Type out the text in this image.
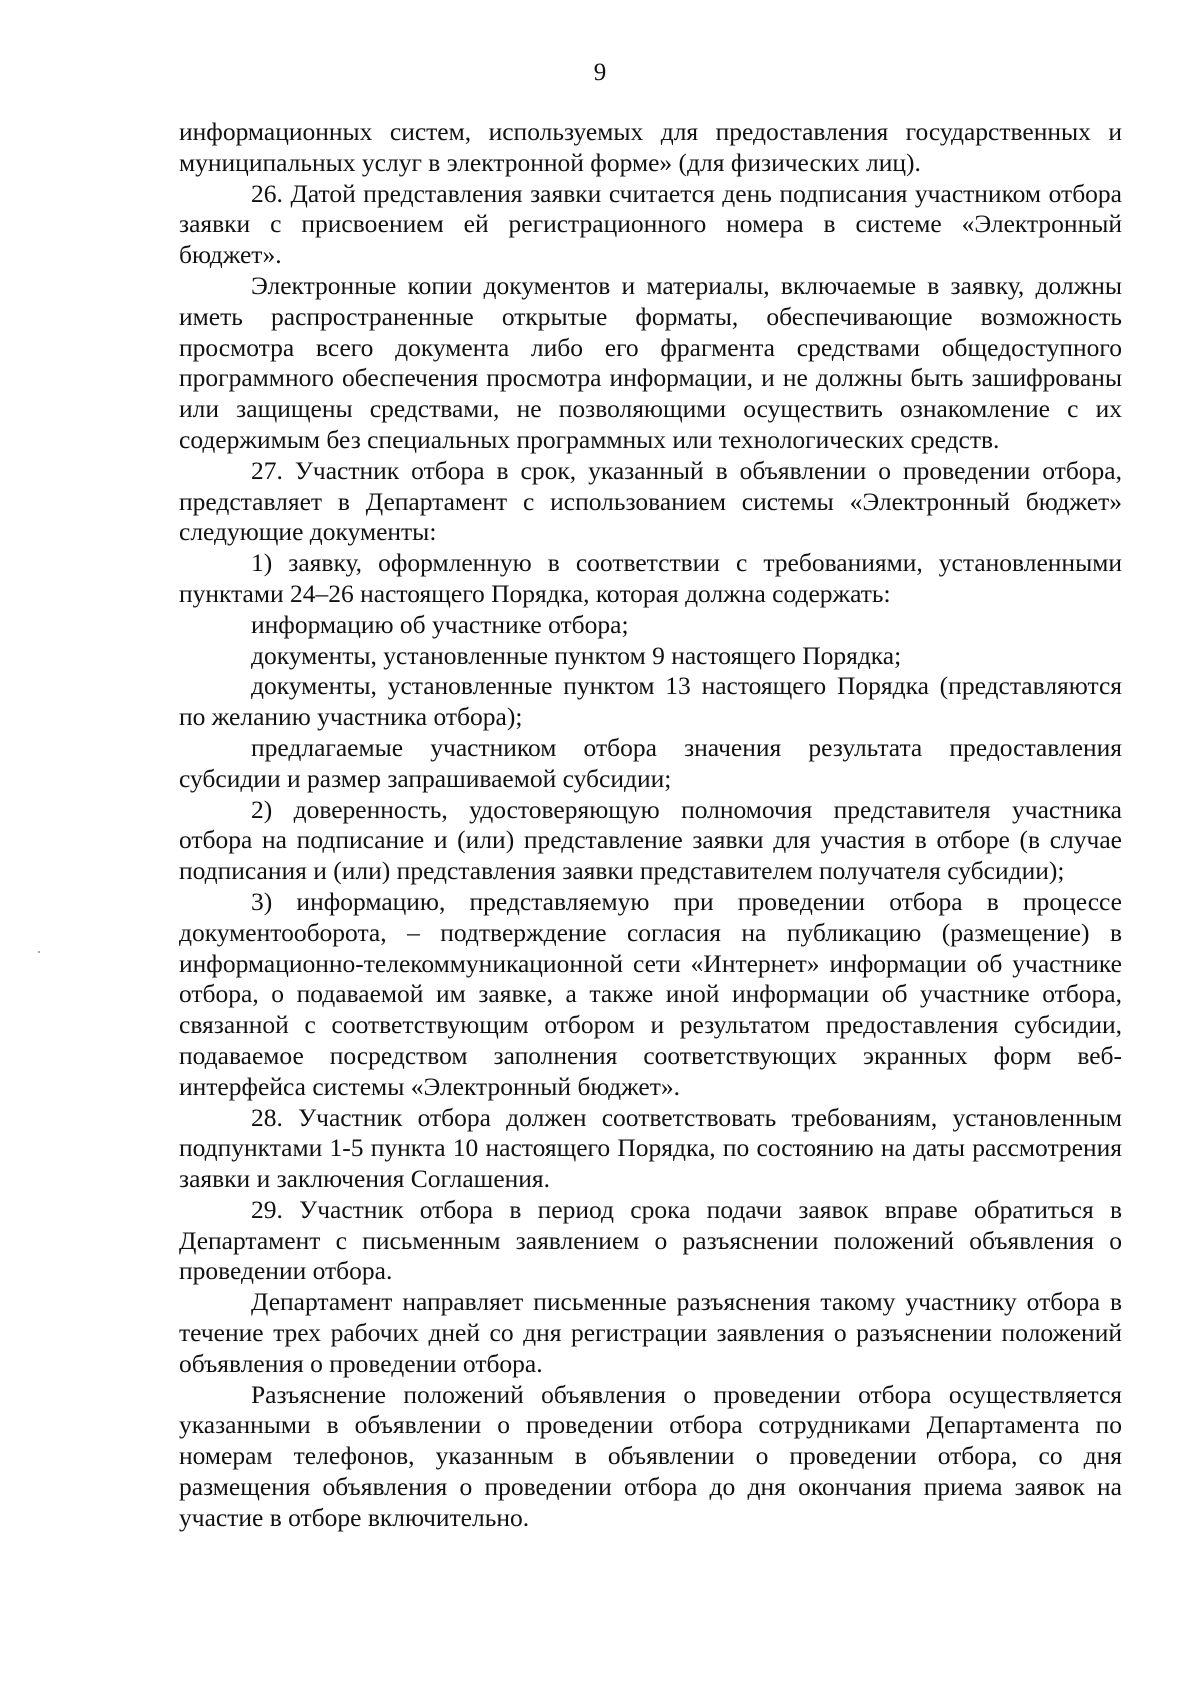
9

информационных систем, используемых для предоставления государственных и муниципальных услуг в электронной форме» (для физических лиц).

26. Датой представления заявки считается день подписания участником отбора заявки с присвоением ей регистрационного номера в системе «Электронный бюджет».

Электронные копии документов и материалы, включаемые в заявку, должны иметь распространенные открытые форматы, обеспечивающие возможность просмотра всего документа либо его фрагмента средствами общедоступного программного обеспечения просмотра информации, и не должны быть зашифрованы или защищены средствами, не позволяющими осуществить ознакомление с их содержимым без специальных программных или технологических средств.

27. Участник отбора в срок, указанный в объявлении о проведении отбора, представляет в Департамент с использованием системы «Электронный бюджет» следующие документы:

1) заявку, оформленную в соответствии с требованиями, установленными пунктами 24–26 настоящего Порядка, которая должна содержать:

информацию об участнике отбора;

документы, установленные пунктом 9 настоящего Порядка;

документы, установленные пунктом 13 настоящего Порядка (представляются по желанию участника отбора);

предлагаемые участником отбора значения результата предоставления субсидии и размер запрашиваемой субсидии;

2) доверенность, удостоверяющую полномочия представителя участника отбора на подписание и (или) представление заявки для участия в отборе (в случае подписания и (или) представления заявки представителем получателя субсидии);

3) информацию, представляемую при проведении отбора в процессе документооборота, – подтверждение согласия на публикацию (размещение) в информационно-телекоммуникационной сети «Интернет» информации об участнике отбора, о подаваемой им заявке, а также иной информации об участнике отбора, связанной с соответствующим отбором и результатом предоставления субсидии, подаваемое посредством заполнения соответствующих экранных форм веб-интерфейса системы «Электронный бюджет».

28. Участник отбора должен соответствовать требованиям, установленным подпунктами 1-5 пункта 10 настоящего Порядка, по состоянию на даты рассмотрения заявки и заключения Соглашения.

29. Участник отбора в период срока подачи заявок вправе обратиться в Департамент с письменным заявлением о разъяснении положений объявления о проведении отбора.

Департамент направляет письменные разъяснения такому участнику отбора в течение трех рабочих дней со дня регистрации заявления о разъяснении положений объявления о проведении отбора.

Разъяснение положений объявления о проведении отбора осуществляется указанными в объявлении о проведении отбора сотрудниками Департамента по номерам телефонов, указанным в объявлении о проведении отбора, со дня размещения объявления о проведении отбора до дня окончания приема заявок на участие в отборе включительно.
